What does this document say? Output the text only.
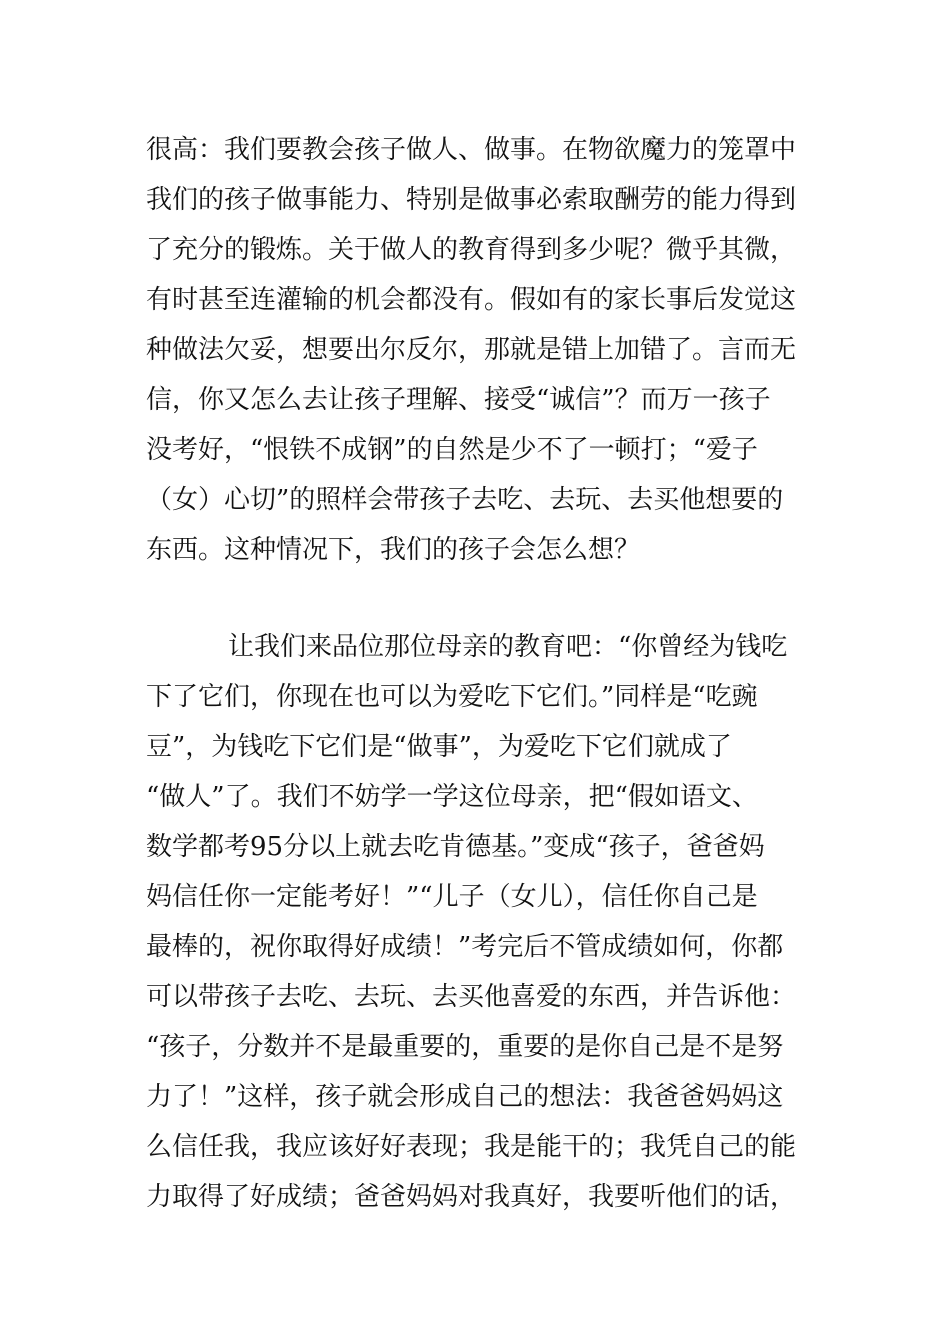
很高：我们要教会孩子做人、做事。在物欲魔力的笼罩中
我们的孩子做事能力、特别是做事必索取酬劳的能力得到
了充分的锻炼。关于做人的教育得到多少呢？微乎其微，
有时甚至连灌输的机会都没有。假如有的家长事后发觉这
种做法欠妥，想要出尔反尔，那就是错上加错了。言而无
信，你又怎么去让孩子理解、接受“诚信”？而万一孩子
没考好，“恨铁不成钢”的自然是少不了一顿打；“爱子
（女）心切”的照样会带孩子去吃、去玩、去买他想要的
东西。这种情况下，我们的孩子会怎么想？
让我们来品位那位母亲的教育吧：“你曾经为钱吃
下了它们，你现在也可以为爱吃下它们。”同样是“吃豌
豆”，为钱吃下它们是“做事”，为爱吃下它们就成了
“做人”了。我们不妨学一学这位母亲，把“假如语文、
数学都考95分以上就去吃肯德基。”变成“孩子，爸爸妈
妈信任你一定能考好！”“儿子（女儿），信任你自己是
最棒的，祝你取得好成绩！”考完后不管成绩如何，你都
可以带孩子去吃、去玩、去买他喜爱的东西，并告诉他：
“孩子，分数并不是最重要的，重要的是你自己是不是努
力了！”这样，孩子就会形成自己的想法：我爸爸妈妈这
么信任我，我应该好好表现；我是能干的；我凭自己的能
力取得了好成绩；爸爸妈妈对我真好，我要听他们的话，
